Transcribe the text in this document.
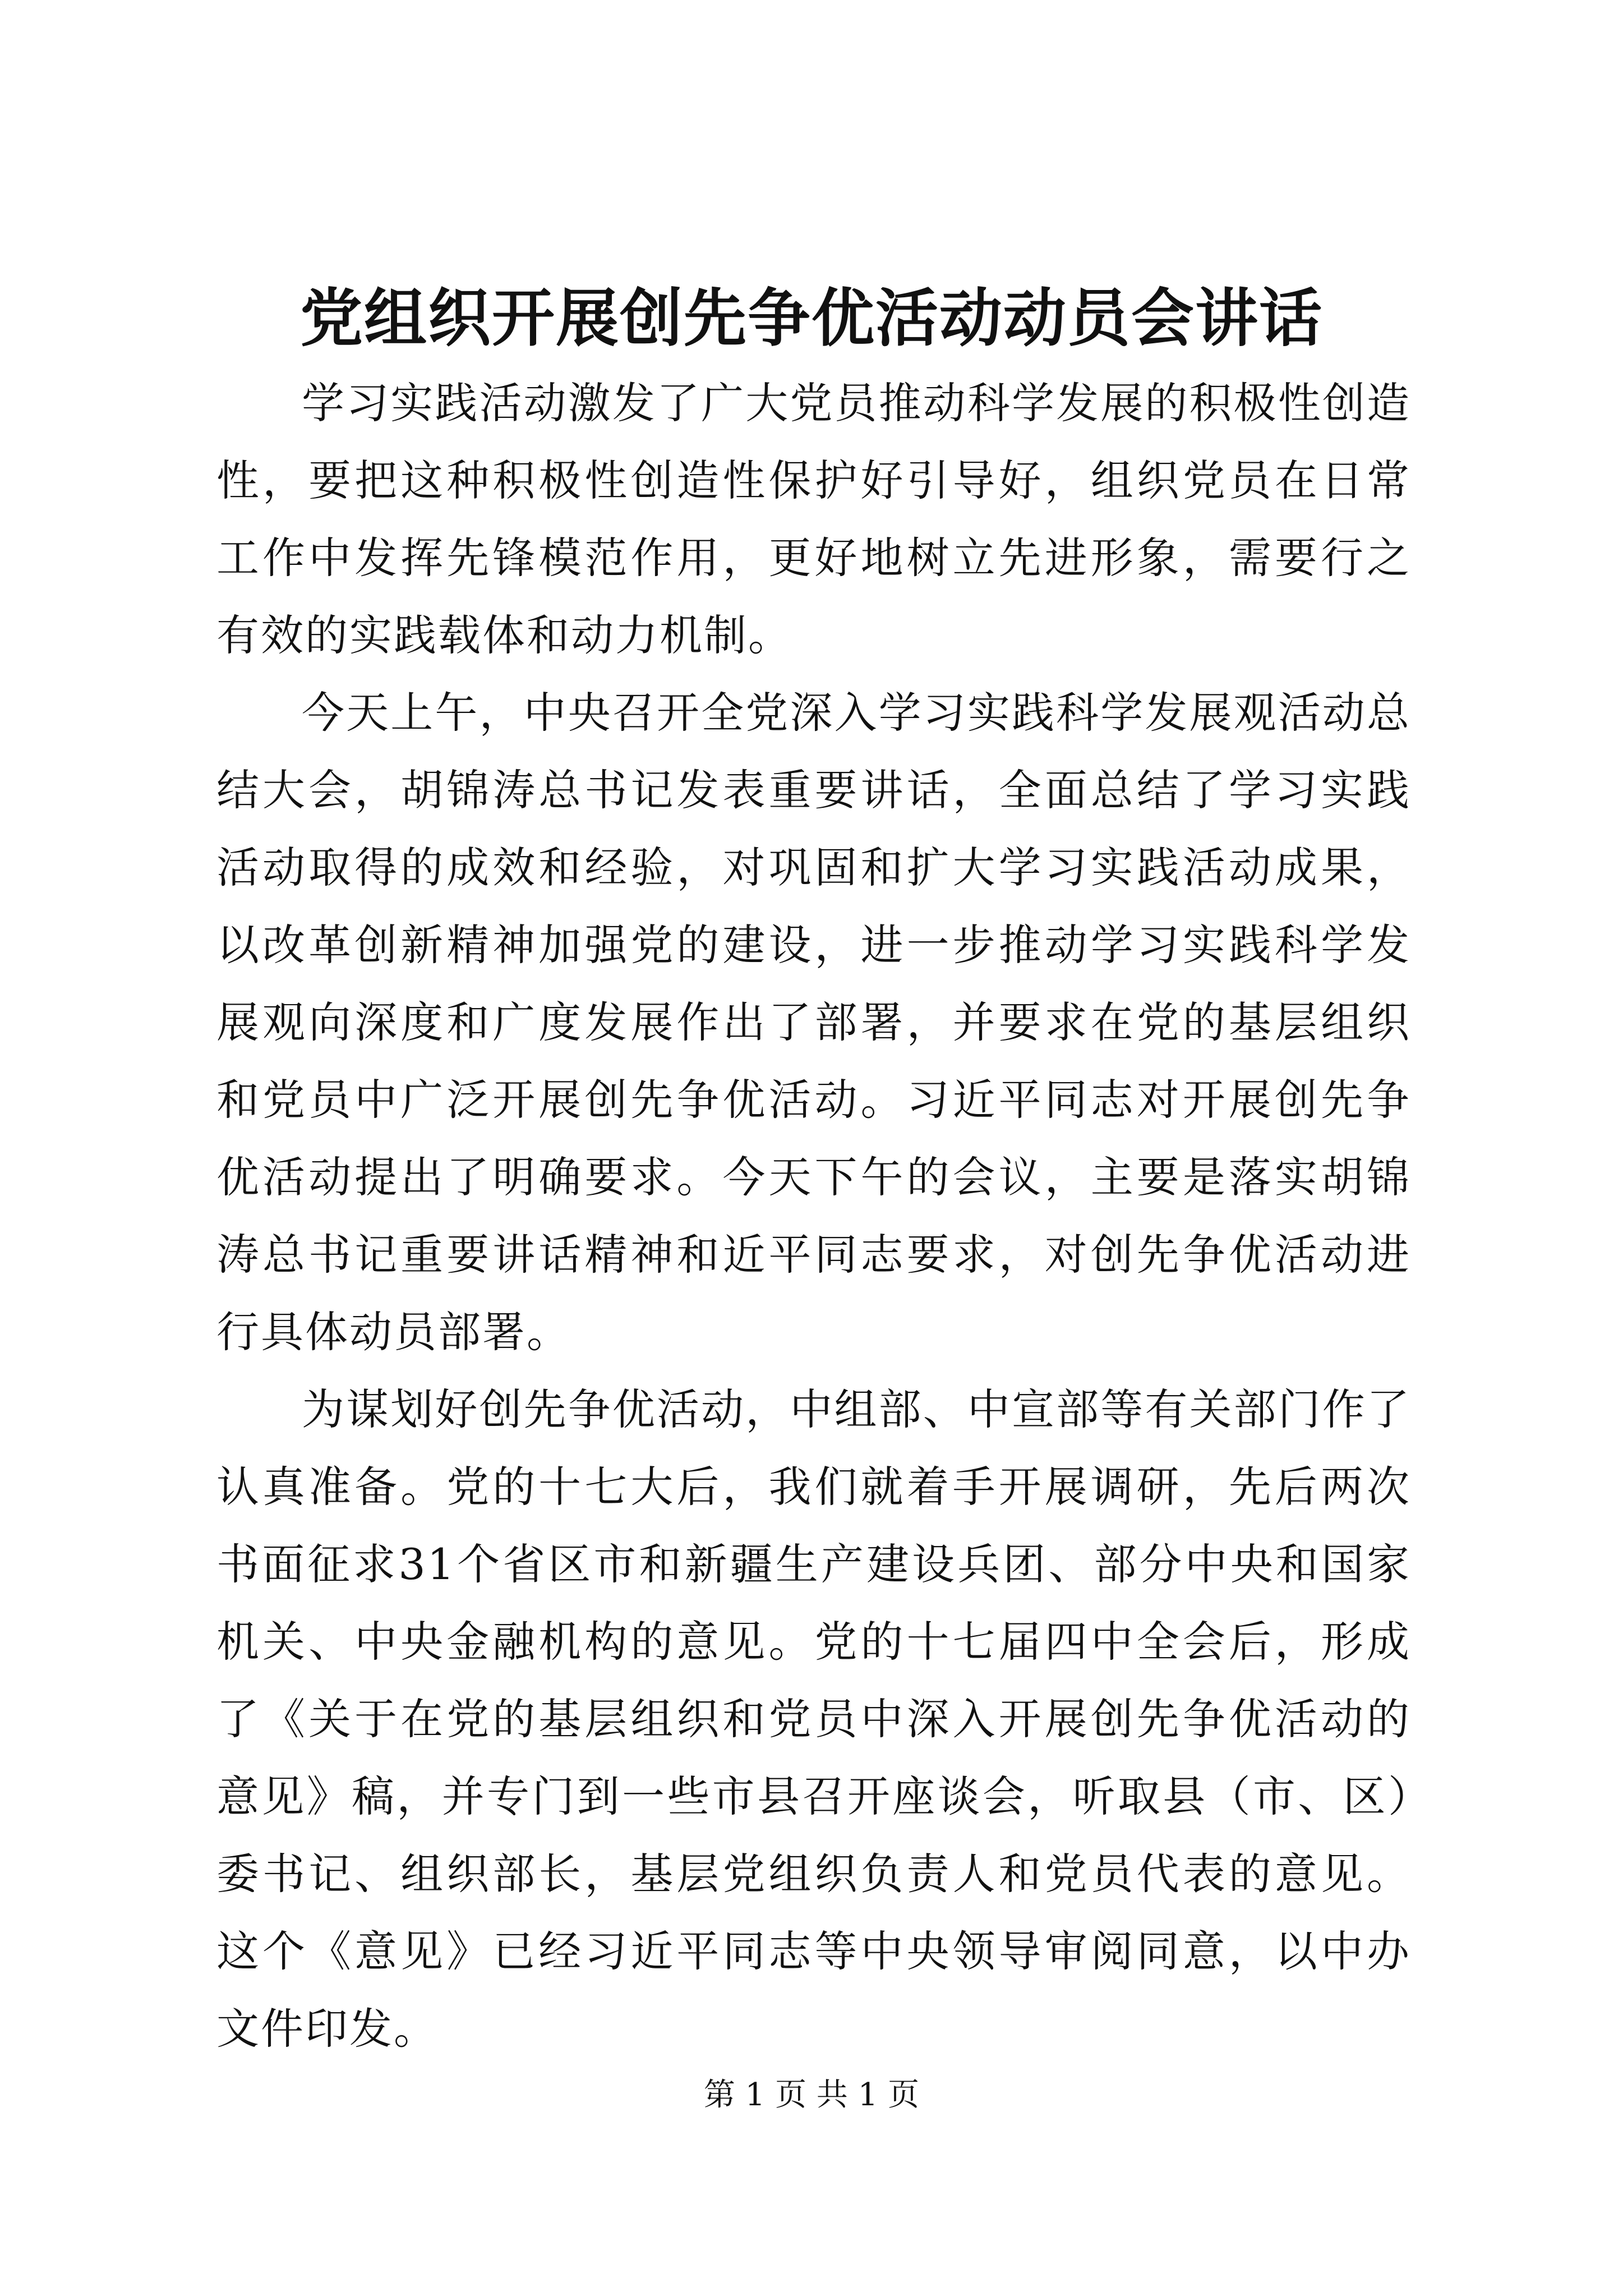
党组织开展创先争优活动动员会讲话

学习实践活动激发了广大党员推动科学发展的积极性创造性，要把这种积极性创造性保护好引导好，组织党员在日常工作中发挥先锋模范作用，更好地树立先进形象，需要行之有效的实践载体和动力机制。

今天上午，中央召开全党深入学习实践科学发展观活动总结大会，胡锦涛总书记发表重要讲话，全面总结了学习实践活动取得的成效和经验，对巩固和扩大学习实践活动成果，以改革创新精神加强党的建设，进一步推动学习实践科学发展观向深度和广度发展作出了部署，并要求在党的基层组织和党员中广泛开展创先争优活动。习近平同志对开展创先争优活动提出了明确要求。今天下午的会议，主要是落实胡锦涛总书记重要讲话精神和近平同志要求，对创先争优活动进行具体动员部署。

为谋划好创先争优活动，中组部、中宣部等有关部门作了认真准备。党的十七大后，我们就着手开展调研，先后两次书面征求31个省区市和新疆生产建设兵团、部分中央和国家机关、中央金融机构的意见。党的十七届四中全会后，形成了《关于在党的基层组织和党员中深入开展创先争优活动的意见》稿，并专门到一些市县召开座谈会，听取县（市、区）委书记、组织部长，基层党组织负责人和党员代表的意见。这个《意见》已经习近平同志等中央领导审阅同意，以中办文件印发。

第 1 页 共 1 页
